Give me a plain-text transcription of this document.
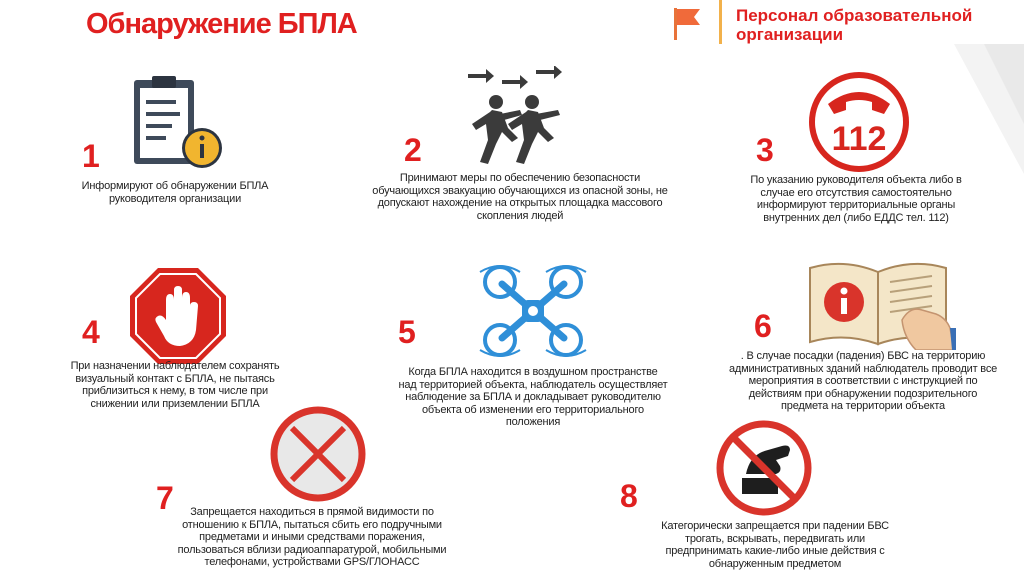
Обнаружение БПЛА	Персонал образовательной организации
1
Информируют об обнаружении БПЛА руководителя организации
2
Принимают меры по обеспечению безопасности обучающихся эвакуацию обучающихся из опасной зоны, не допускают нахождение на открытых площадка массового скопления людей
112
3
По указанию руководителя объекта либо в случае его отсутствия самостоятельно информируют территориальные органы внутренних дел (либо ЕДДС тел. 112)
4
При назначении наблюдателем сохранять визуальный контакт с БПЛА, не пытаясь приблизиться к нему, в том числе при снижении или приземлении БПЛА
5
Когда БПЛА находится в воздушном пространстве над территорией объекта, наблюдатель осуществляет наблюдение за БПЛА и докладывает руководителю объекта об изменении его территориального положения
6
. В случае посадки (падения) БВС на территорию административных зданий наблюдатель проводит все мероприятия в соответствии с инструкцией по действиям при обнаружении подозрительного предмета на территории объекта
7	Запрещается находиться в прямой видимости по отношению к БПЛА, пытаться сбить его подручными предметами и иными средствами поражения, пользоваться вблизи радиоаппаратурой, мобильными телефонами, устройствами GPS/ГЛОНАСС
8
Категорически запрещается при падении БВС трогать, вскрывать, передвигать или предпринимать какие-либо иные действия с обнаруженным предметом
